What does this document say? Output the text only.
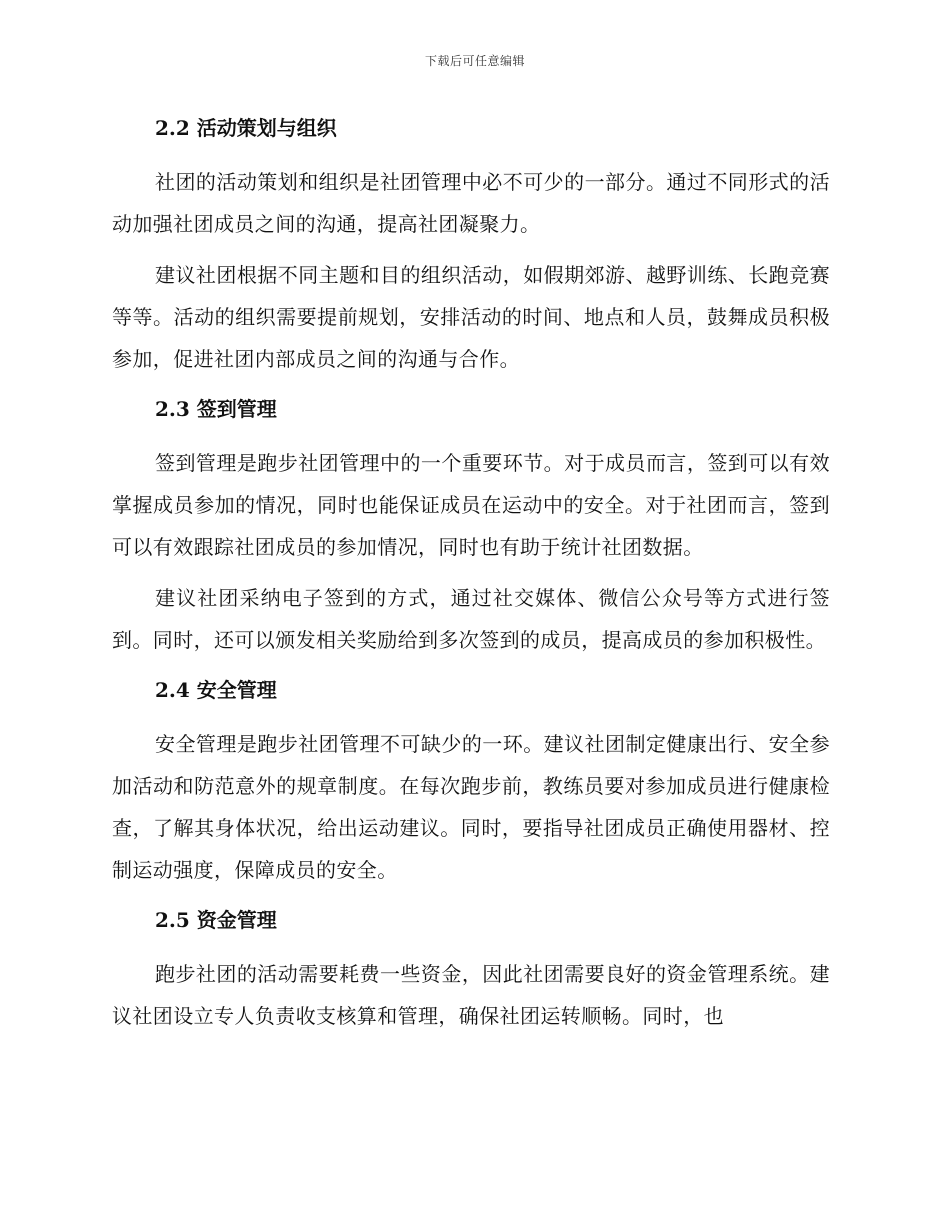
下载后可任意编辑
2.2 活动策划与组织

社团的活动策划和组织是社团管理中必不可少的一部分。通过不同形式的活动加强社团成员之间的沟通，提高社团凝聚力。

建议社团根据不同主题和目的组织活动，如假期郊游、越野训练、长跑竞赛等等。活动的组织需要提前规划，安排活动的时间、地点和人员，鼓舞成员积极参加，促进社团内部成员之间的沟通与合作。

2.3 签到管理

签到管理是跑步社团管理中的一个重要环节。对于成员而言，签到可以有效掌握成员参加的情况，同时也能保证成员在运动中的安全。对于社团而言，签到可以有效跟踪社团成员的参加情况，同时也有助于统计社团数据。

建议社团采纳电子签到的方式，通过社交媒体、微信公众号等方式进行签到。同时，还可以颁发相关奖励给到多次签到的成员，提高成员的参加积极性。

2.4 安全管理

安全管理是跑步社团管理不可缺少的一环。建议社团制定健康出行、安全参加活动和防范意外的规章制度。在每次跑步前，教练员要对参加成员进行健康检查，了解其身体状况，给出运动建议。同时，要指导社团成员正确使用器材、控制运动强度，保障成员的安全。

2.5 资金管理

跑步社团的活动需要耗费一些资金，因此社团需要良好的资金管理系统。建议社团设立专人负责收支核算和管理，确保社团运转顺畅。同时，也
